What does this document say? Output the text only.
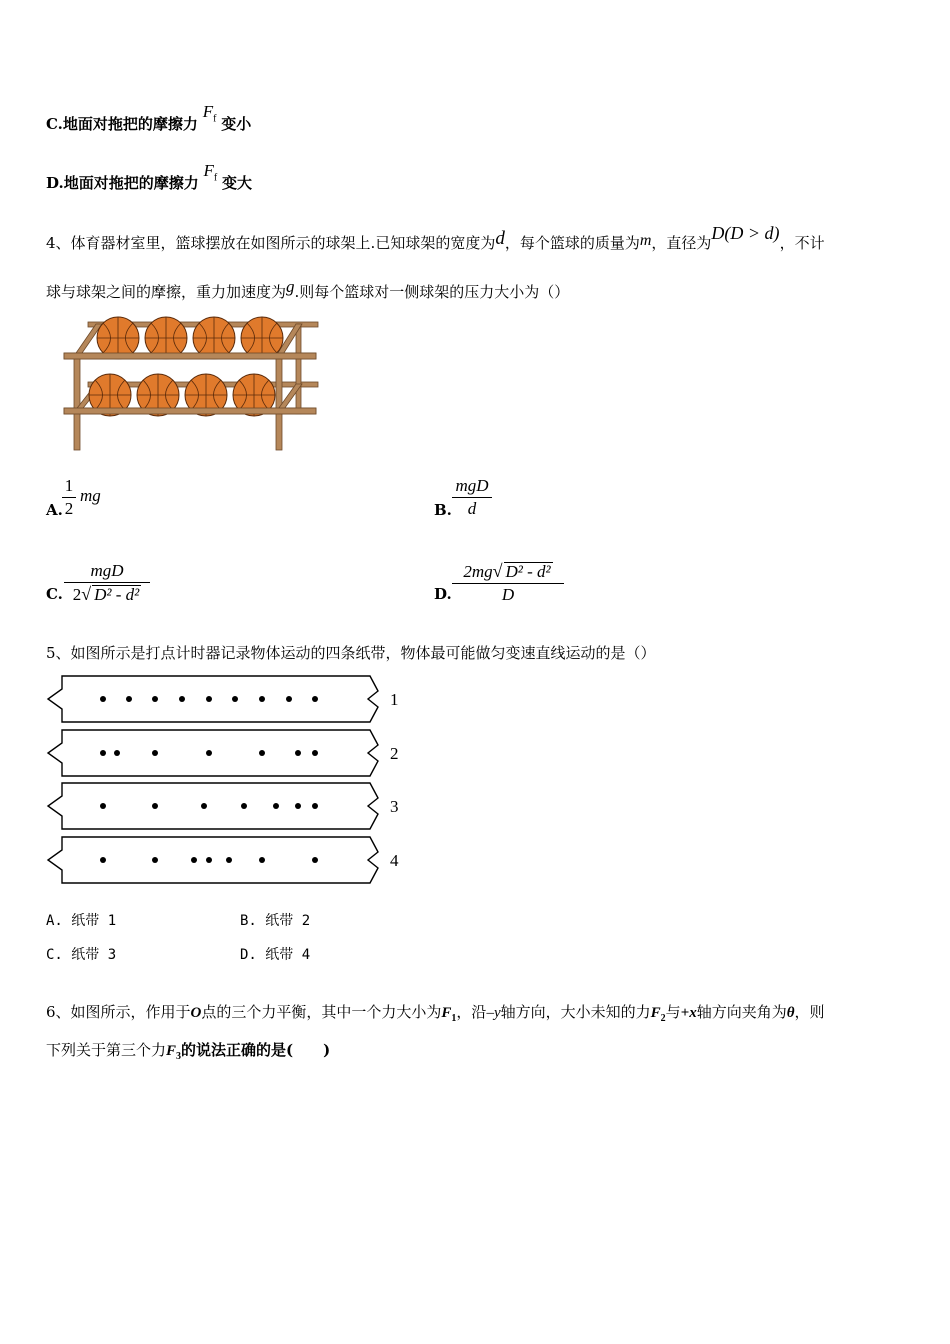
C.地面对拖把的摩擦力 $F_f$ 变小
D.地面对拖把的摩擦力 $F_f$ 变大
4、体育器材室里，篮球摆放在如图所示的球架上.已知球架的宽度为d，每个篮球的质量为m，直径为D(D > d)，不计
球与球架之间的摩擦，重力加速度为g.则每个篮球对一侧球架的压力大小为（）
A.
1
2
mg
B.
mgD
d
C.
mgD
2√ D² - d²	D.
2mg√ D² - d²
D
5、如图所示是打点计时器记录物体运动的四条纸带，物体最可能做匀变速直线运动的是（）
1
2
3
4
A. 纸带 1	B. 纸带 2
C. 纸带 3	D. 纸带 4
6、如图所示，作用于O点的三个力平衡，其中一个力大小为$F_1$，沿–y轴方向，大小未知的力$F_2$与+x轴方向夹角为θ，则
下列关于第三个力$F_3$的说法正确的是(　　)
